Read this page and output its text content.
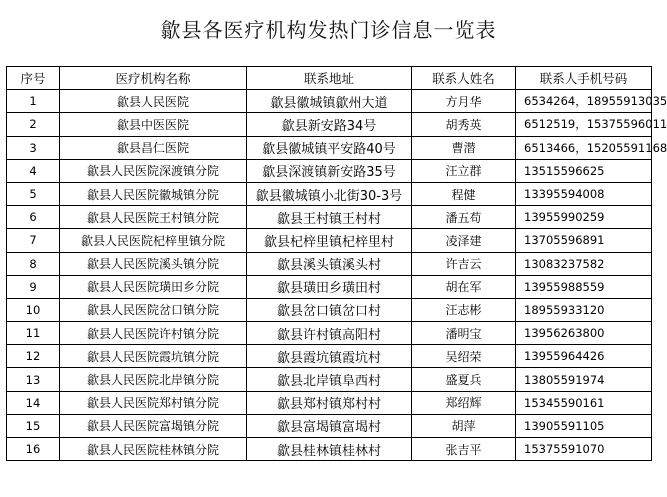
歙县各医疗机构发热门诊信息一览表
序号	医疗机构名称	联系地址	联系人姓名	联系人手机号码
1	歙县人民医院	歙县徽城镇歙州大道	方月华	6534264，18955913035
2	歙县中医医院	歙县新安路34号	胡秀英	6512519，15375596011
3	歙县昌仁医院	歙县徽城镇平安路40号	曹潜	6513466，15205591168
4	歙县人民医院深渡镇分院	歙县深渡镇新安路35号	汪立群	13515596625
5	歙县人民医院徽城镇分院	歙县徽城镇小北街30-3号	程健	13395594008
6	歙县人民医院王村镇分院	歙县王村镇王村村	潘五苟	13955990259
7	歙县人民医院杞梓里镇分院	歙县杞梓里镇杞梓里村	凌泽建	13705596891
8	歙县人民医院溪头镇分院	歙县溪头镇溪头村	许吉云	13083237582
9	歙县人民医院璜田乡分院	歙县璜田乡璜田村	胡在军	13955988559
10	歙县人民医院岔口镇分院	歙县岔口镇岔口村	汪志彬	18955933120
11	歙县人民医院许村镇分院	歙县许村镇高阳村	潘明宝	13956263800
12	歙县人民医院霞坑镇分院	歙县霞坑镇霞坑村	吴绍荣	13955964426
13	歙县人民医院北岸镇分院	歙县北岸镇阜西村	盛夏兵	13805591974
14	歙县人民医院郑村镇分院	歙县郑村镇郑村村	郑绍辉	15345590161
15	歙县人民医院富堨镇分院	歙县富堨镇富堨村	胡萍	13905591105
16	歙县人民医院桂林镇分院	歙县桂林镇桂林村	张吉平	15375591070
